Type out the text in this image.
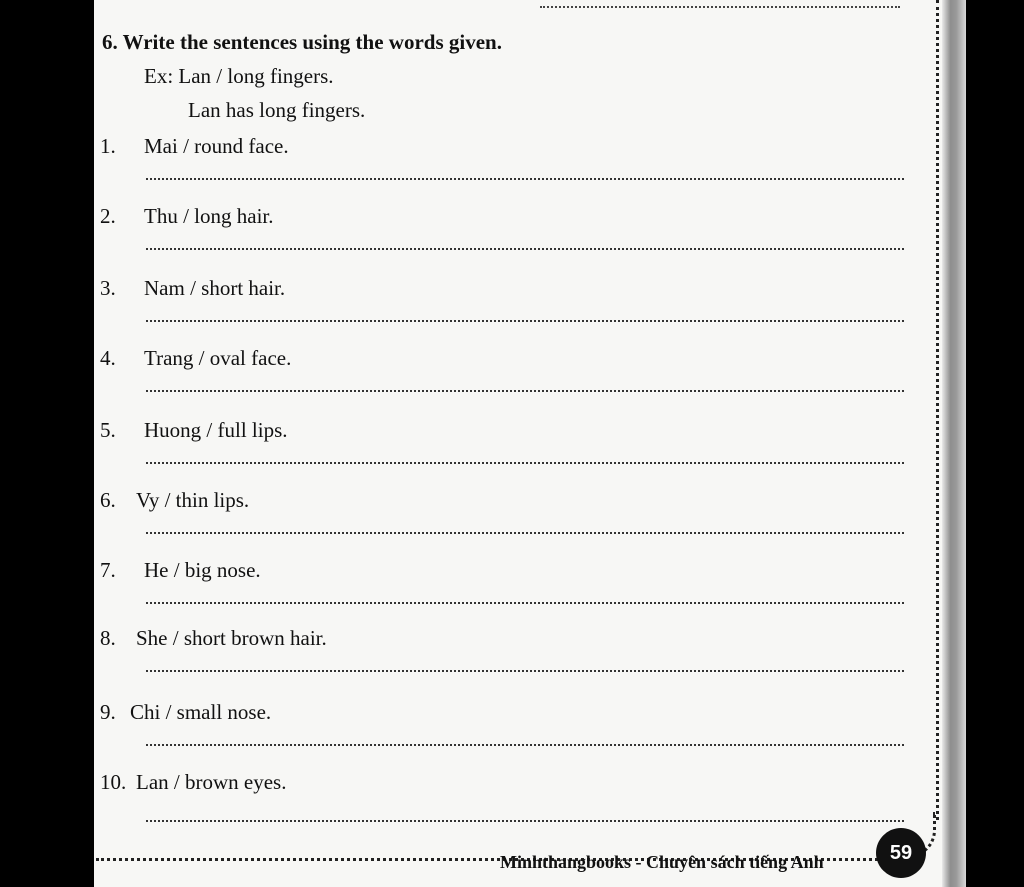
6. Write the sentences using the words given.
Ex: Lan / long fingers.
Lan has long fingers.
1. Mai / round face.
2. Thu / long hair.
3. Nam / short hair.
4. Trang / oval face.
5. Huong / full lips.
6. Vy / thin lips.
7. He / big nose.
8. She / short brown hair.
9. Chi / small nose.
10. Lan / brown eyes.
Minhthangbooks - Chuyên sách tiếng Anh	59
